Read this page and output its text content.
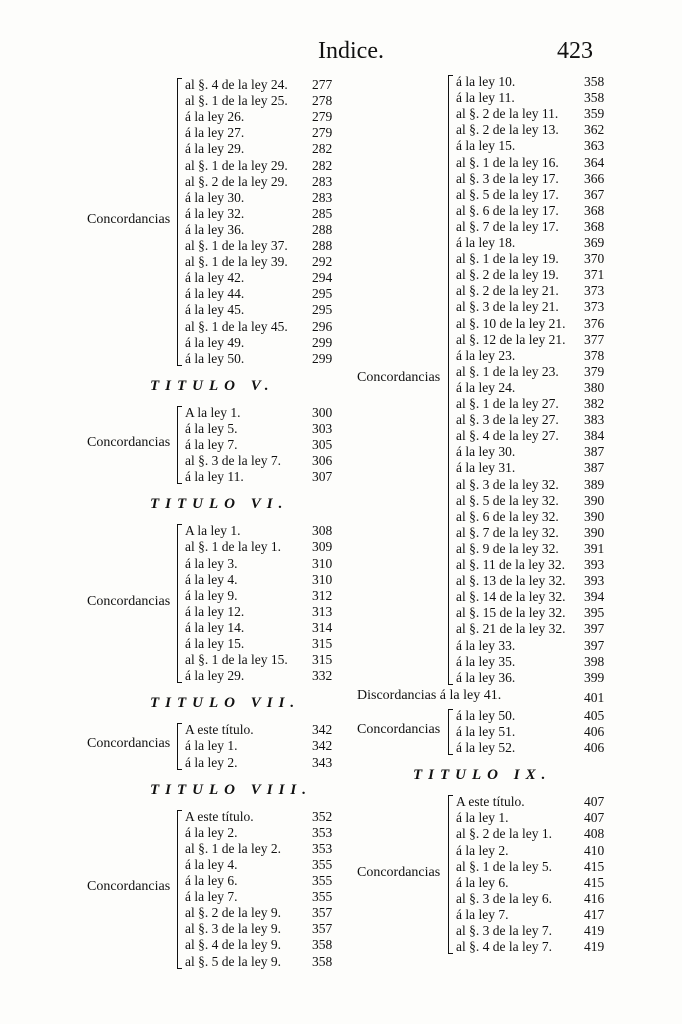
Indice.	423
Concordancias
al §. 4 de la ley 24. 277
al §. 1 de la ley 25. 278
á la ley 26.	279
á la ley 27.	279
á la ley 29.	282
al §. 1 de la ley 29. 282
al §. 2 de la ley 29. 283
á la ley 30.	283
á la ley 32.	285
á la ley 36.	288
al §. 1 de la ley 37. 288
al §. 1 de la ley 39. 292
á la ley 42.	294
á la ley 44.	295
á la ley 45.	295
al §. 1 de la ley 45. 296
á la ley 49.	299
á la ley 50.	299
TITULO V.
Concordancias
A la ley 1.	300
á la ley 5.	303
á la ley 7.	305
al §. 3 de la ley 7. 306
á la ley 11.	307
TITULO VI.
Concordancias
A la ley 1.	308
al §. 1 de la ley 1. 309
á la ley 3.	310
á la ley 4.	310
á la ley 9.	312
á la ley 12.	313
á la ley 14.	314
á la ley 15.	315
al §. 1 de la ley 15. 315
á la ley 29.	332
TITULO VII.
Concordancias
A este título.	342
á la ley 1.	342
á la ley 2.	343
TITULO VIII.
Concordancias
A este título.	352
á la ley 2.	353
al §. 1 de la ley 2. 353
á la ley 4.	355
á la ley 6.	355
á la ley 7.	355
al §. 2 de la ley 9. 357
al §. 3 de la ley 9. 357
al §. 4 de la ley 9. 358
al §. 5 de la ley 9. 358
Concordancias
á la ley 10.	358
á la ley 11.	358
al §. 2 de la ley 11. 359
al §. 2 de la ley 13. 362
á la ley 15.	363
al §. 1 de la ley 16. 364
al §. 3 de la ley 17. 366
al §. 5 de la ley 17. 367
al §. 6 de la ley 17. 368
al §. 7 de la ley 17. 368
á la ley 18.	369
al §. 1 de la ley 19. 370
al §. 2 de la ley 19. 371
al §. 2 de la ley 21. 373
al §. 3 de la ley 21. 373
al §. 10 de la ley 21. 376
al §. 12 de la ley 21. 377
á la ley 23.	378
al §. 1 de la ley 23. 379
á la ley 24.	380
al §. 1 de la ley 27. 382
al §. 3 de la ley 27. 383
al §. 4 de la ley 27. 384
á la ley 30.	387
á la ley 31.	387
al §. 3 de la ley 32. 389
al §. 5 de la ley 32. 390
al §. 6 de la ley 32. 390
al §. 7 de la ley 32. 390
al §. 9 de la ley 32. 391
al §. 11 de la ley 32. 393
al §. 13 de la ley 32. 393
al §. 14 de la ley 32. 394
al §. 15 de la ley 32. 395
al §. 21 de la ley 32. 397
á la ley 33.	397
á la ley 35.	398
á la ley 36.	399
Discordancias á la ley 41.	401
Concordancias
á la ley 50.	405
á la ley 51.	406
á la ley 52.	406
TITULO IX.
Concordancias
A este título.	407
á la ley 1.	407
al §. 2 de la ley 1. 408
á la ley 2.	410
al §. 1 de la ley 5. 415
á la ley 6.	415
al §. 3 de la ley 6. 416
á la ley 7.	417
al §. 3 de la ley 7. 419
al §. 4 de la ley 7. 419
